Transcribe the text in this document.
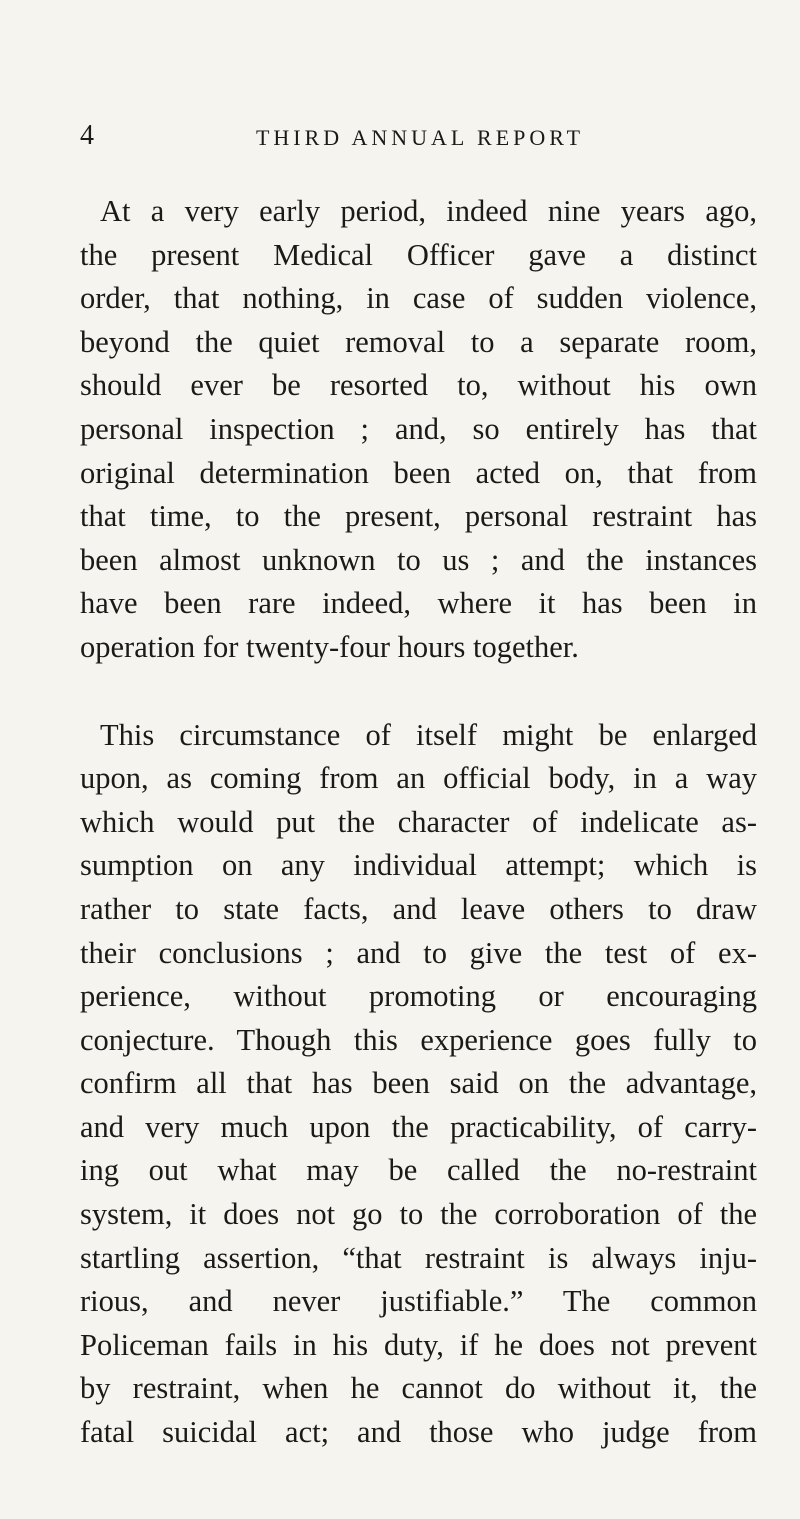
4	THIRD ANNUAL REPORT

At a very early period, indeed nine years ago,
the present Medical Officer gave a distinct
order, that nothing, in case of sudden violence,
beyond the quiet removal to a separate room,
should ever be resorted to, without his own
personal inspection ; and, so entirely has that
original determination been acted on, that from
that time, to the present, personal restraint has
been almost unknown to us ; and the instances
have been rare indeed, where it has been in
operation for twenty-four hours together.

This circumstance of itself might be enlarged
upon, as coming from an official body, in a way
which would put the character of indelicate as-
sumption on any individual attempt; which is
rather to state facts, and leave others to draw
their conclusions ; and to give the test of ex-
perience, without promoting or encouraging
conjecture. Though this experience goes fully to
confirm all that has been said on the advantage,
and very much upon the practicability, of carry-
ing out what may be called the no-restraint
system, it does not go to the corroboration of the
startling assertion, “that restraint is always inju-
rious, and never justifiable.” The common
Policeman fails in his duty, if he does not prevent
by restraint, when he cannot do without it, the
fatal suicidal act; and those who judge from
